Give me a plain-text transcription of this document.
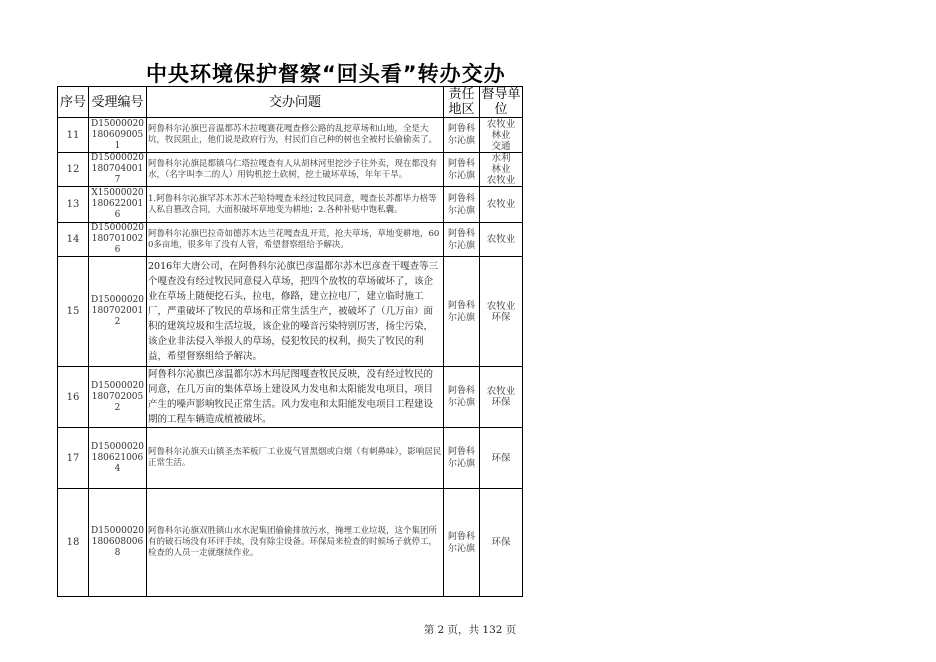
中央环境保护督察“回头看”转办交办
序号	受理编号	交办问题	责任地区	督导单位
11	D150000201806090051	阿鲁科尔沁旗巴音温都苏木拉嘎赛花嘎查修公路的乱挖草场和山地，全是大坑，牧民阻止，他们说是政府行为，村民们自己种的树也全被村长偷偷卖了。	阿鲁科尔沁旗	农牧业
林业
交通
12	D150000201807040017	阿鲁科尔沁旗昆都镇乌仁塔拉嘎查有人从胡林河里挖沙子往外卖，现在都没有水，（名字叫李二的人）用钩机挖土砍树，挖土破坏草场，年年干旱。	阿鲁科尔沁旗	水利
林业
农牧业
13	X150000201806220016	1.阿鲁科尔沁旗罕苏木苏木芒哈特嘎查未经过牧民同意，嘎查长苏都毕力格等人私自篡改合同，大面积破坏草地变为耕地；2.各种补贴中饱私囊。	阿鲁科尔沁旗	农牧业
14	D150000201807010026	阿鲁科尔沁旗巴拉奇如德苏木达兰花嘎查乱开荒，抢夫草场，草地变耕地，600多亩地，很多年了没有人管，希望督察组给予解决。	阿鲁科尔沁旗	农牧业
15	D150000201807020012	2016年大唐公司，在阿鲁科尔沁旗巴彦温都尔苏木巴彦查干嘎查等三个嘎查没有经过牧民同意侵入草场，把四个放牧的草场破坏了，该企业在草场上随便挖石头，拉电，修路，建立拉电厂，建立临时施工厂，严重破坏了牧民的草场和正常生活生产，被破坏了（几万亩）面积的建筑垃圾和生活垃圾，该企业的噪音污染特别厉害，扬尘污染，该企业非法侵入举报人的草场，侵犯牧民的权利，损失了牧民的利益，希望督察组给予解决。	阿鲁科尔沁旗	农牧业
环保
16	D150000201807020052	阿鲁科尔沁旗巴彦温都尔苏木玛尼图嘎查牧民反映，没有经过牧民的同意，在几万亩的集体草场上建设风力发电和太阳能发电项目，项目产生的噪声影响牧民正常生活。风力发电和太阳能发电项目工程建设期的工程车辆造成植被破坏。	阿鲁科尔沁旗	农牧业
环保
17	D150000201806210064	阿鲁科尔沁旗天山镇圣杰苯板厂工业废气冒黑烟或白烟（有刺鼻味），影响居民正常生活。	阿鲁科尔沁旗	环保
18	D150000201806080068	阿鲁科尔沁旗双胜镇山水水泥集团偷偷排放污水，掩埋工业垃圾，这个集团所有的破石场没有环评手续，没有除尘设备。环保局来检查的时候场子就停工，检查的人员一走就继续作业。	阿鲁科尔沁旗	环保
第 2 页，共 132 页
